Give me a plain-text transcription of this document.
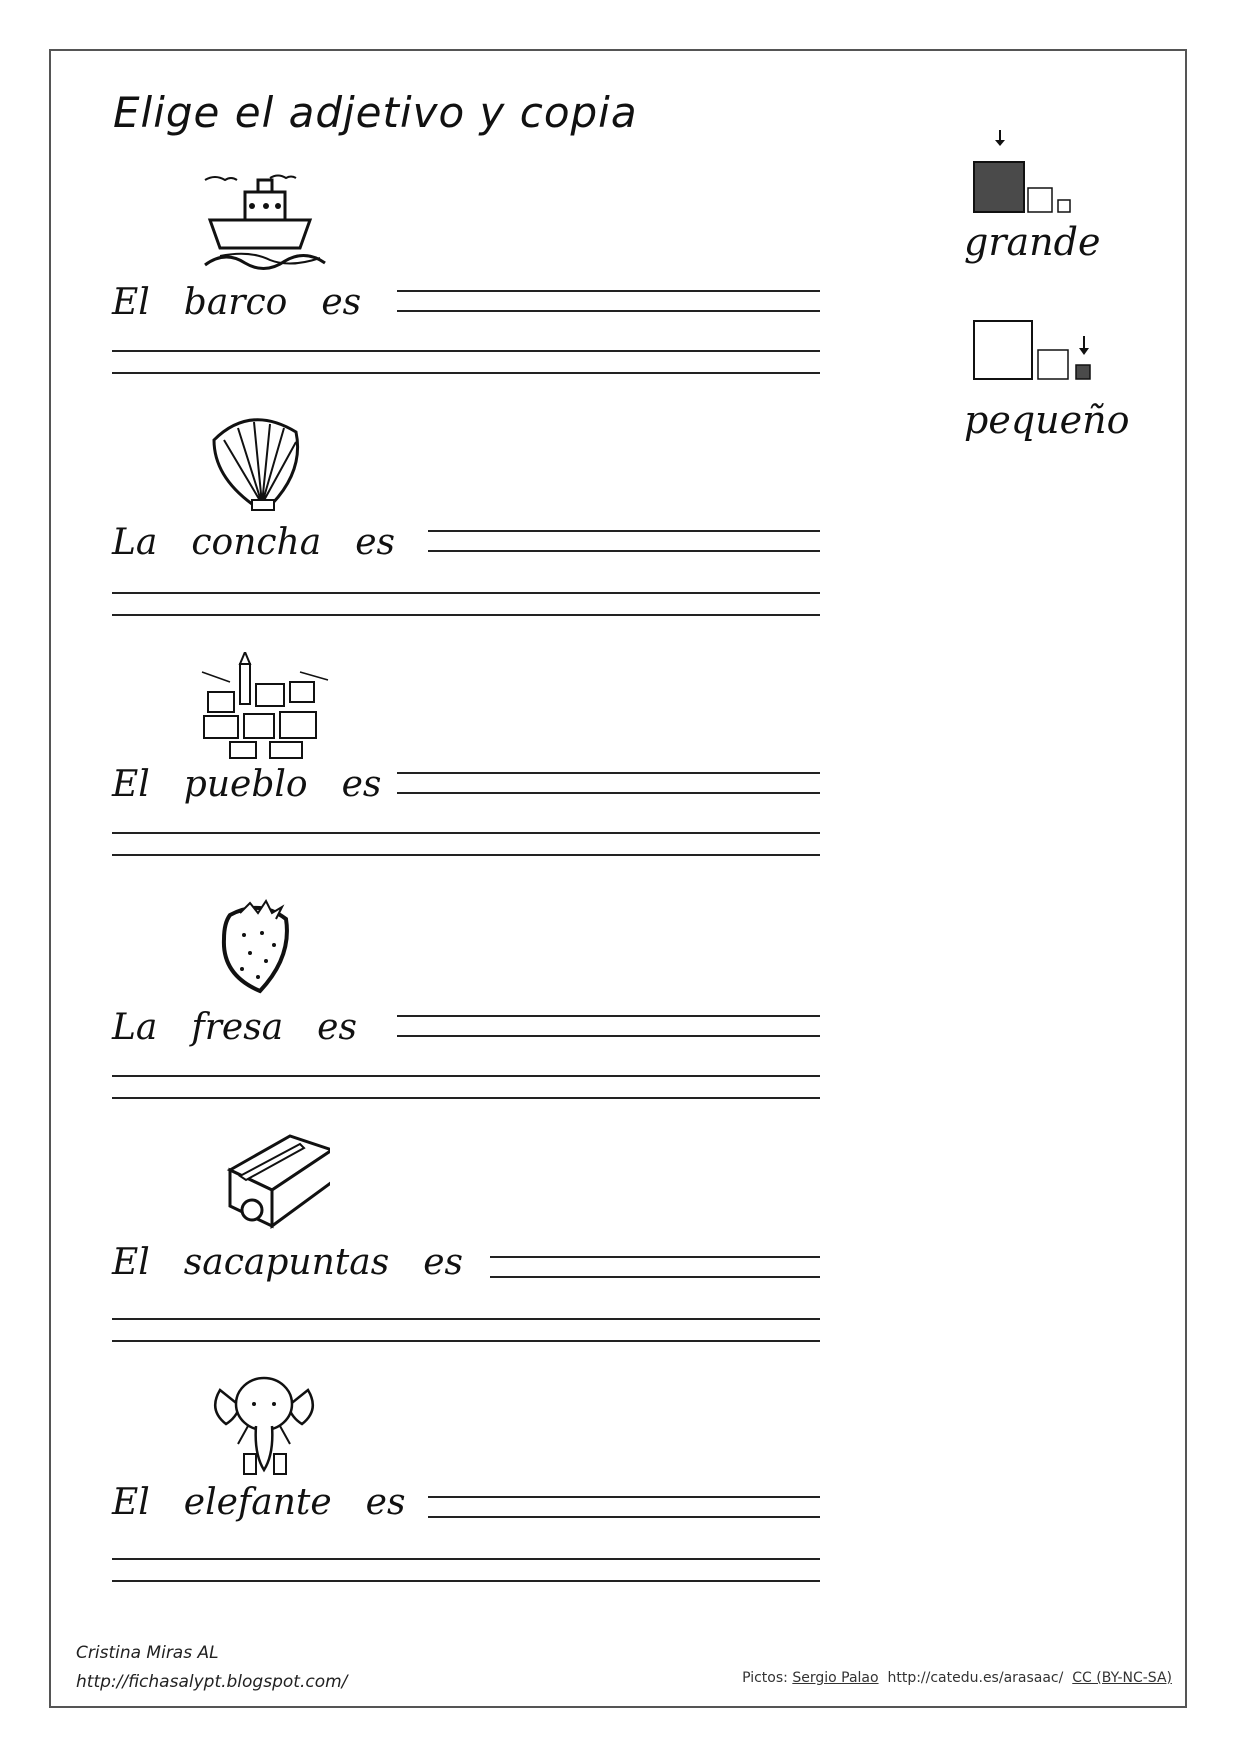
Elige el adjetivo y copia
grande
pequeño
El barco es
La concha es
El pueblo es
La fresa es
El sacapuntas es
El elefante es
Cristina Miras AL
http://fichasalypt.blogspot.com/	Pictos: Sergio Palao http://catedu.es/arasaac/ CC (BY-NC-SA)
